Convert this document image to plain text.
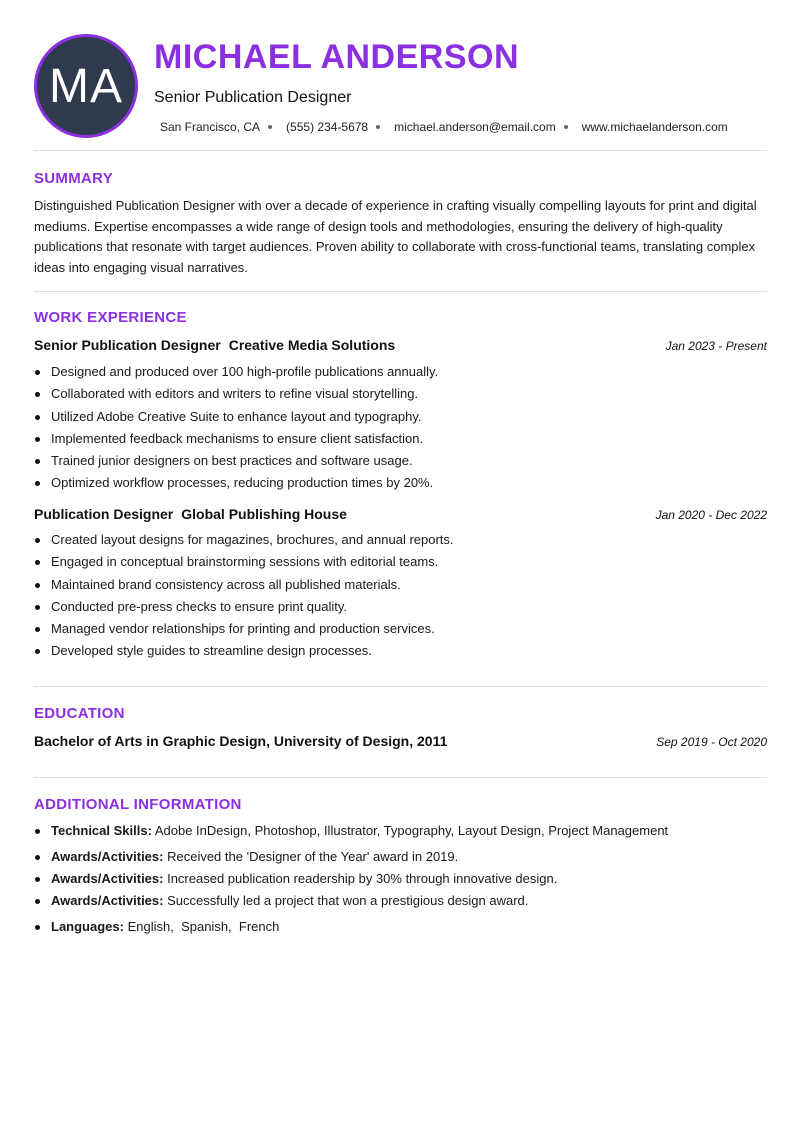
MA
MICHAEL ANDERSON
Senior Publication Designer
San Francisco, CA (555) 234-5678 michael.anderson@email.com www.michaelanderson.com
SUMMARY
Distinguished Publication Designer with over a decade of experience in crafting visually compelling layouts for print and digital mediums. Expertise encompasses a wide range of design tools and methodologies, ensuring the delivery of high-quality publications that resonate with target audiences. Proven ability to collaborate with cross-functional teams, translating complex ideas into engaging visual narratives.
WORK EXPERIENCE
Senior Publication Designer Creative Media Solutions	Jan 2023 - Present
Designed and produced over 100 high-profile publications annually.
Collaborated with editors and writers to refine visual storytelling.
Utilized Adobe Creative Suite to enhance layout and typography.
Implemented feedback mechanisms to ensure client satisfaction.
Trained junior designers on best practices and software usage.
Optimized workflow processes, reducing production times by 20%.
Publication Designer Global Publishing House	Jan 2020 - Dec 2022
Created layout designs for magazines, brochures, and annual reports.
Engaged in conceptual brainstorming sessions with editorial teams.
Maintained brand consistency across all published materials.
Conducted pre-press checks to ensure print quality.
Managed vendor relationships for printing and production services.
Developed style guides to streamline design processes.
EDUCATION
Bachelor of Arts in Graphic Design, University of Design, 2011	Sep 2019 - Oct 2020
ADDITIONAL INFORMATION
Technical Skills: Adobe InDesign, Photoshop, Illustrator, Typography, Layout Design, Project Management
Awards/Activities: Received the 'Designer of the Year' award in 2019.
Awards/Activities: Increased publication readership by 30% through innovative design.
Awards/Activities: Successfully led a project that won a prestigious design award.
Languages: English,  Spanish,  French
